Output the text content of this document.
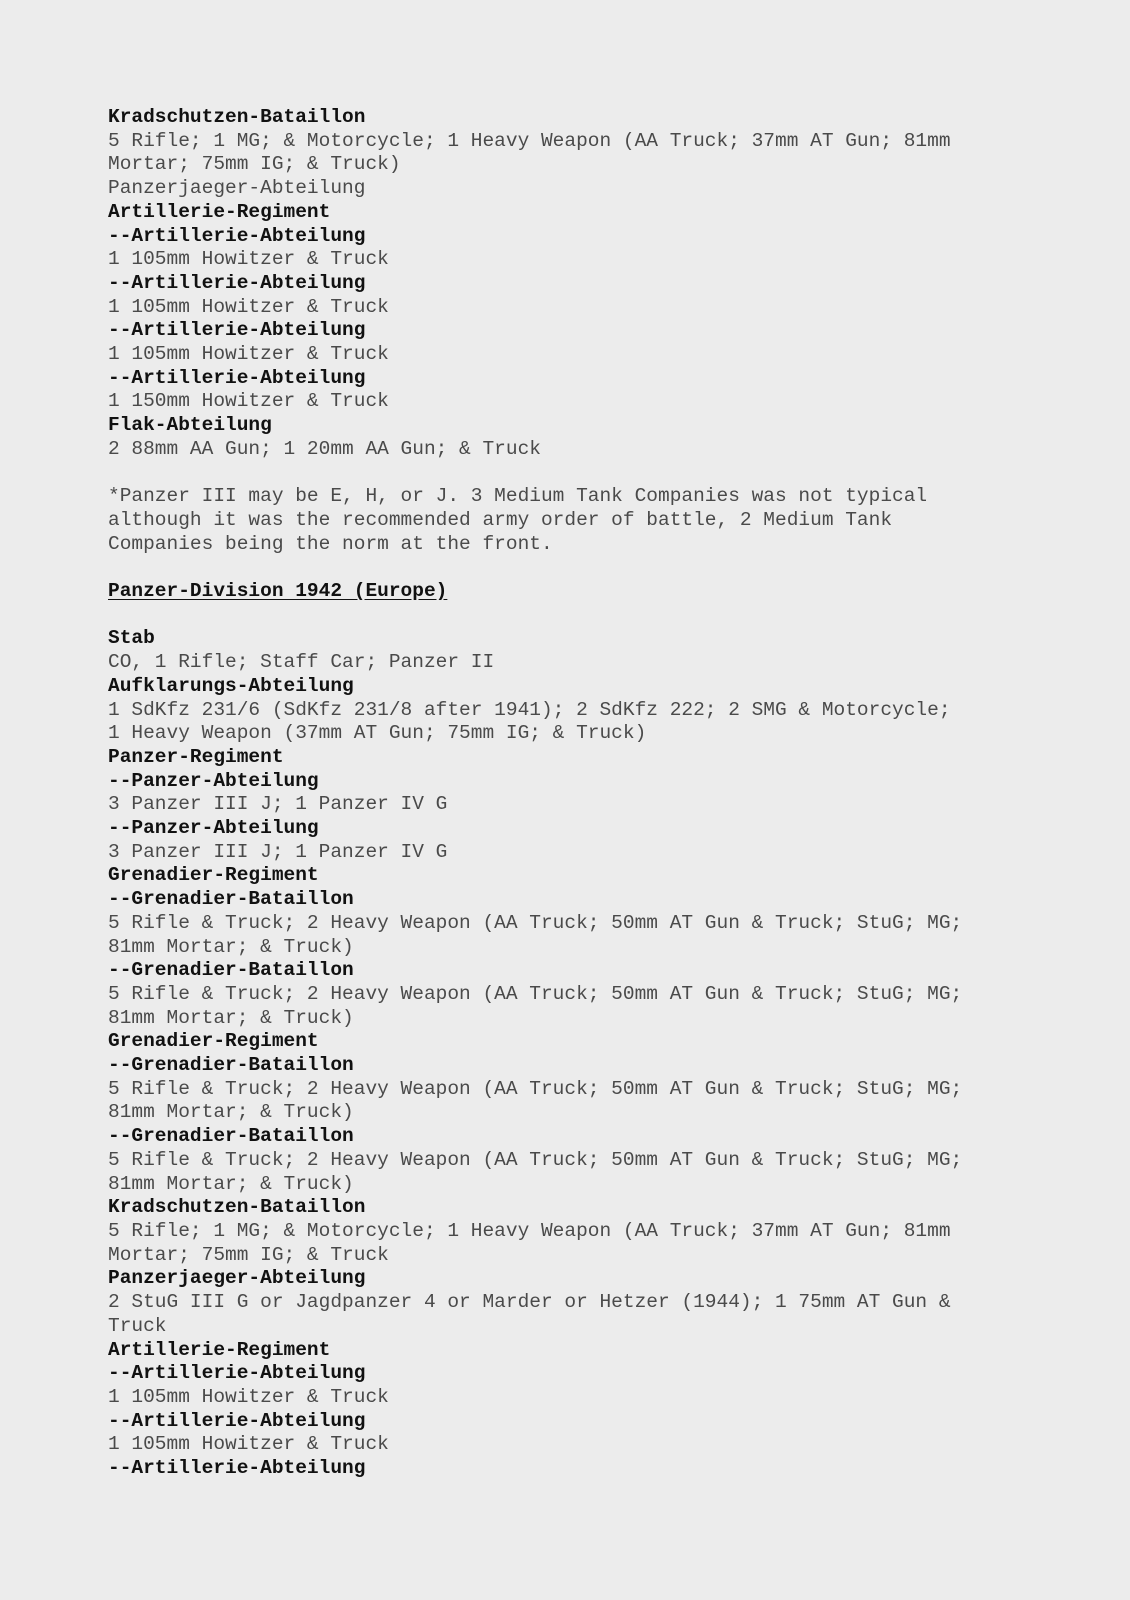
Kradschutzen-Bataillon
5 Rifle; 1 MG; & Motorcycle; 1 Heavy Weapon (AA Truck; 37mm AT Gun; 81mm
Mortar; 75mm IG; & Truck)
Panzerjaeger-Abteilung
Artillerie-Regiment
--Artillerie-Abteilung
1 105mm Howitzer & Truck
--Artillerie-Abteilung
1 105mm Howitzer & Truck
--Artillerie-Abteilung
1 105mm Howitzer & Truck
--Artillerie-Abteilung
1 150mm Howitzer & Truck
Flak-Abteilung
2 88mm AA Gun; 1 20mm AA Gun; & Truck
*Panzer III may be E, H, or J. 3 Medium Tank Companies was not typical
although it was the recommended army order of battle, 2 Medium Tank
Companies being the norm at the front.
Panzer-Division 1942 (Europe)
Stab
CO, 1 Rifle; Staff Car; Panzer II
Aufklarungs-Abteilung
1 SdKfz 231/6 (SdKfz 231/8 after 1941); 2 SdKfz 222; 2 SMG & Motorcycle;
1 Heavy Weapon (37mm AT Gun; 75mm IG; & Truck)
Panzer-Regiment
--Panzer-Abteilung
3 Panzer III J; 1 Panzer IV G
--Panzer-Abteilung
3 Panzer III J; 1 Panzer IV G
Grenadier-Regiment
--Grenadier-Bataillon
5 Rifle & Truck; 2 Heavy Weapon (AA Truck; 50mm AT Gun & Truck; StuG; MG;
81mm Mortar; & Truck)
--Grenadier-Bataillon
5 Rifle & Truck; 2 Heavy Weapon (AA Truck; 50mm AT Gun & Truck; StuG; MG;
81mm Mortar; & Truck)
Grenadier-Regiment
--Grenadier-Bataillon
5 Rifle & Truck; 2 Heavy Weapon (AA Truck; 50mm AT Gun & Truck; StuG; MG;
81mm Mortar; & Truck)
--Grenadier-Bataillon
5 Rifle & Truck; 2 Heavy Weapon (AA Truck; 50mm AT Gun & Truck; StuG; MG;
81mm Mortar; & Truck)
Kradschutzen-Bataillon
5 Rifle; 1 MG; & Motorcycle; 1 Heavy Weapon (AA Truck; 37mm AT Gun; 81mm
Mortar; 75mm IG; & Truck
Panzerjaeger-Abteilung
2 StuG III G or Jagdpanzer 4 or Marder or Hetzer (1944); 1 75mm AT Gun &
Truck
Artillerie-Regiment
--Artillerie-Abteilung
1 105mm Howitzer & Truck
--Artillerie-Abteilung
1 105mm Howitzer & Truck
--Artillerie-Abteilung
